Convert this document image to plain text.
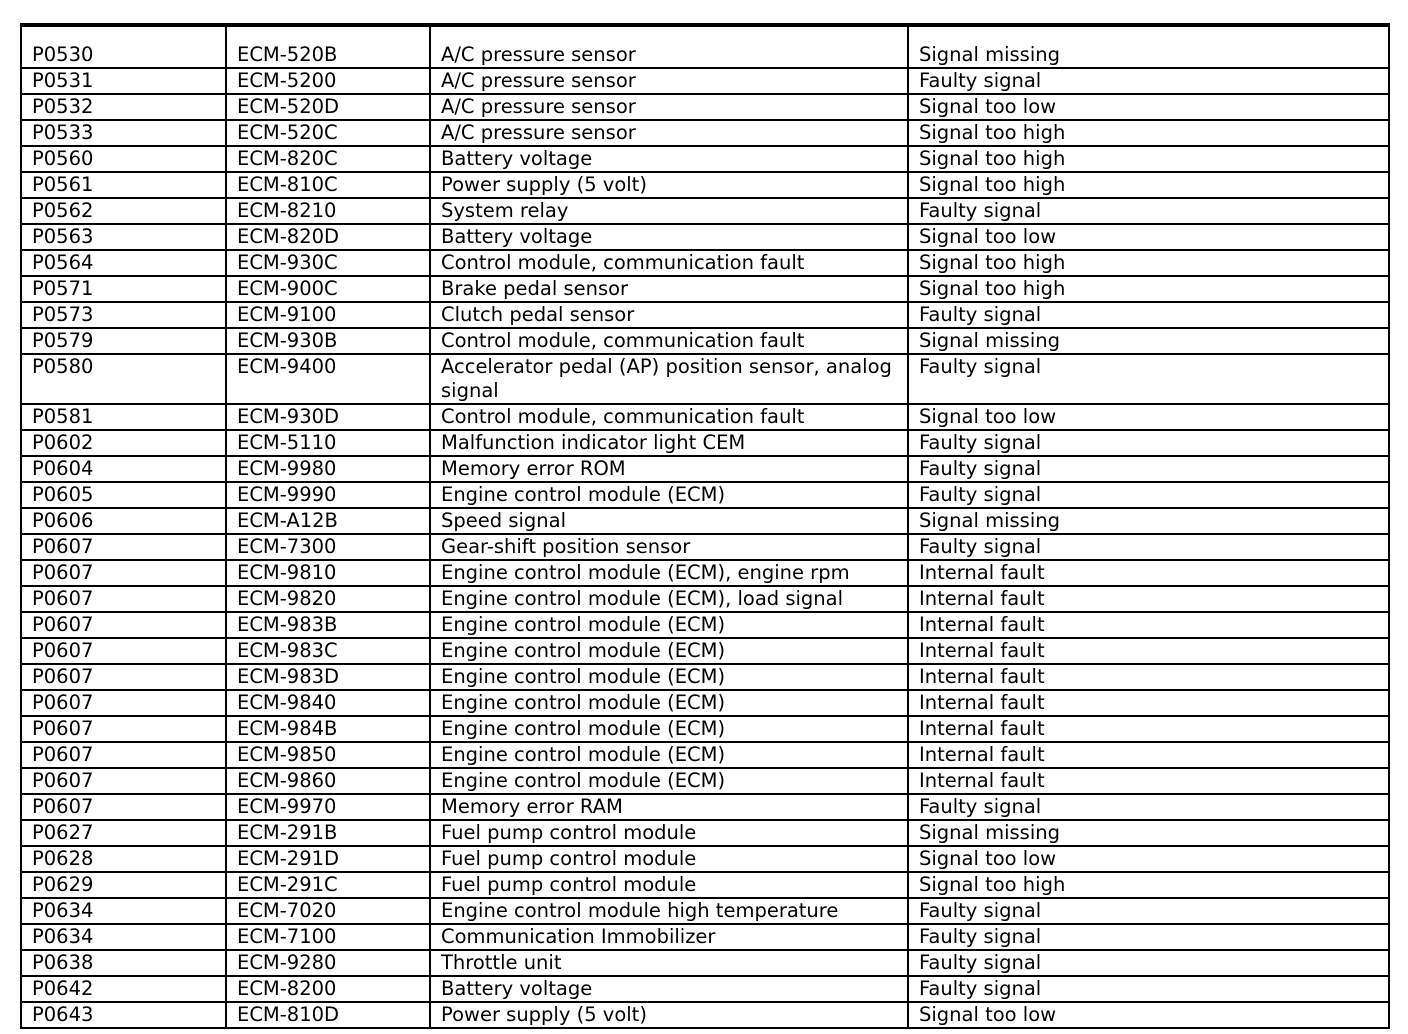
P0530	ECM-520B	A/C pressure sensor	Signal missing
P0531	ECM-5200	A/C pressure sensor	Faulty signal
P0532	ECM-520D	A/C pressure sensor	Signal too low
P0533	ECM-520C	A/C pressure sensor	Signal too high
P0560	ECM-820C	Battery voltage	Signal too high
P0561	ECM-810C	Power supply (5 volt)	Signal too high
P0562	ECM-8210	System relay	Faulty signal
P0563	ECM-820D	Battery voltage	Signal too low
P0564	ECM-930C	Control module, communication fault	Signal too high
P0571	ECM-900C	Brake pedal sensor	Signal too high
P0573	ECM-9100	Clutch pedal sensor	Faulty signal
P0579	ECM-930B	Control module, communication fault	Signal missing
P0580	ECM-9400	Accelerator pedal (AP) position sensor, analog signal	Faulty signal
P0581	ECM-930D	Control module, communication fault	Signal too low
P0602	ECM-5110	Malfunction indicator light CEM	Faulty signal
P0604	ECM-9980	Memory error ROM	Faulty signal
P0605	ECM-9990	Engine control module (ECM)	Faulty signal
P0606	ECM-A12B	Speed signal	Signal missing
P0607	ECM-7300	Gear-shift position sensor	Faulty signal
P0607	ECM-9810	Engine control module (ECM), engine rpm	Internal fault
P0607	ECM-9820	Engine control module (ECM), load signal	Internal fault
P0607	ECM-983B	Engine control module (ECM)	Internal fault
P0607	ECM-983C	Engine control module (ECM)	Internal fault
P0607	ECM-983D	Engine control module (ECM)	Internal fault
P0607	ECM-9840	Engine control module (ECM)	Internal fault
P0607	ECM-984B	Engine control module (ECM)	Internal fault
P0607	ECM-9850	Engine control module (ECM)	Internal fault
P0607	ECM-9860	Engine control module (ECM)	Internal fault
P0607	ECM-9970	Memory error RAM	Faulty signal
P0627	ECM-291B	Fuel pump control module	Signal missing
P0628	ECM-291D	Fuel pump control module	Signal too low
P0629	ECM-291C	Fuel pump control module	Signal too high
P0634	ECM-7020	Engine control module high temperature	Faulty signal
P0634	ECM-7100	Communication Immobilizer	Faulty signal
P0638	ECM-9280	Throttle unit	Faulty signal
P0642	ECM-8200	Battery voltage	Faulty signal
P0643	ECM-810D	Power supply (5 volt)	Signal too low
